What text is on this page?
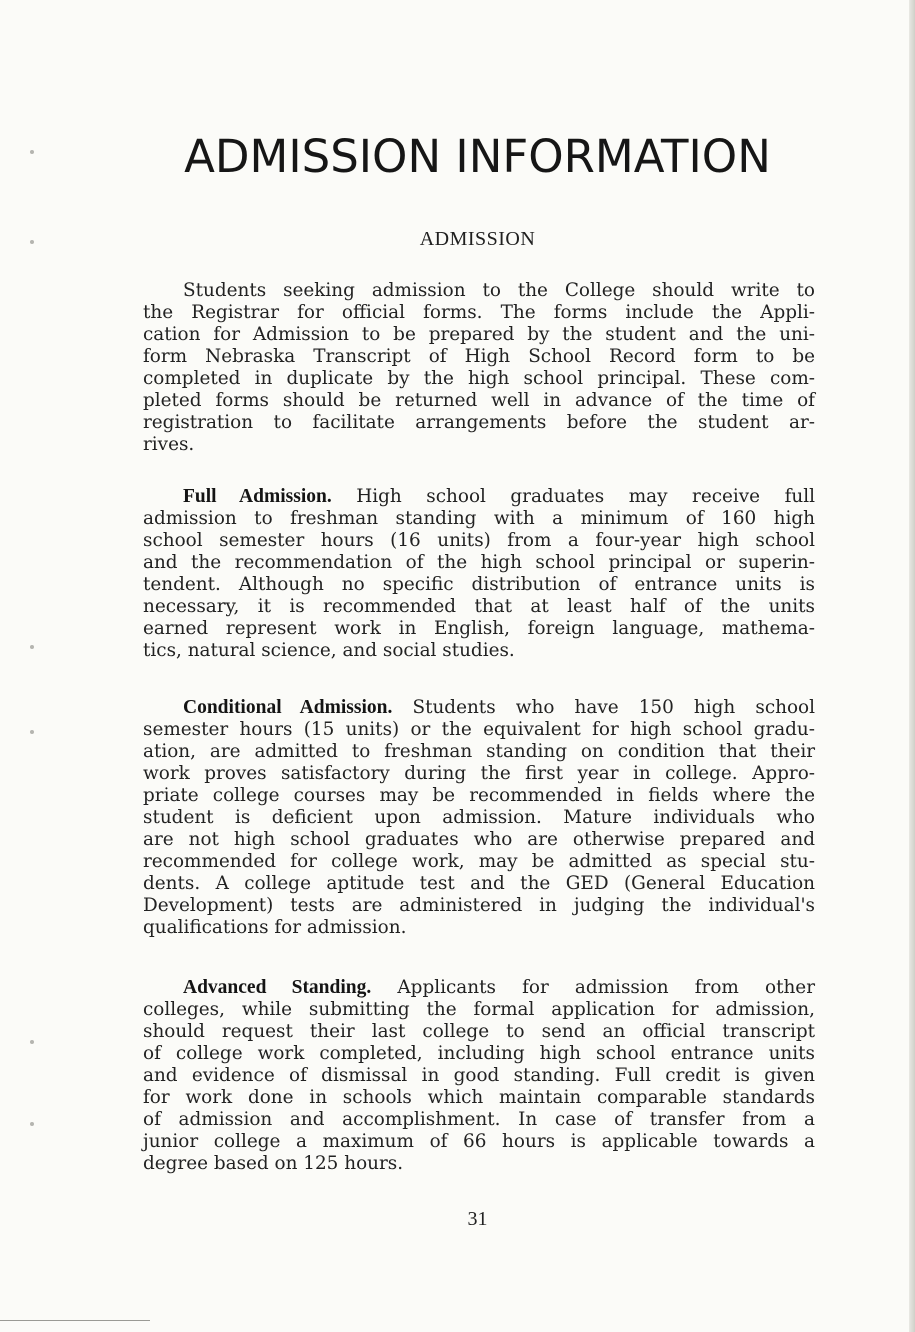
ADMISSION INFORMATION
ADMISSION

Students seeking admission to the College should write to
the Registrar for official forms. The forms include the Appli-
cation for Admission to be prepared by the student and the uni-
form Nebraska Transcript of High School Record form to be
completed in duplicate by the high school principal. These com-
pleted forms should be returned well in advance of the time of
registration to facilitate arrangements before the student ar-
rives.

Full Admission. High school graduates may receive full
admission to freshman standing with a minimum of 160 high
school semester hours (16 units) from a four-year high school
and the recommendation of the high school principal or superin-
tendent. Although no specific distribution of entrance units is
necessary, it is recommended that at least half of the units
earned represent work in English, foreign language, mathema-
tics, natural science, and social studies.

Conditional Admission. Students who have 150 high school
semester hours (15 units) or the equivalent for high school gradu-
ation, are admitted to freshman standing on condition that their
work proves satisfactory during the first year in college. Appro-
priate college courses may be recommended in fields where the
student is deficient upon admission. Mature individuals who
are not high school graduates who are otherwise prepared and
recommended for college work, may be admitted as special stu-
dents. A college aptitude test and the GED (General Education
Development) tests are administered in judging the individual's
qualifications for admission.

Advanced Standing. Applicants for admission from other
colleges, while submitting the formal application for admission,
should request their last college to send an official transcript
of college work completed, including high school entrance units
and evidence of dismissal in good standing. Full credit is given
for work done in schools which maintain comparable standards
of admission and accomplishment. In case of transfer from a
junior college a maximum of 66 hours is applicable towards a
degree based on 125 hours.

31
